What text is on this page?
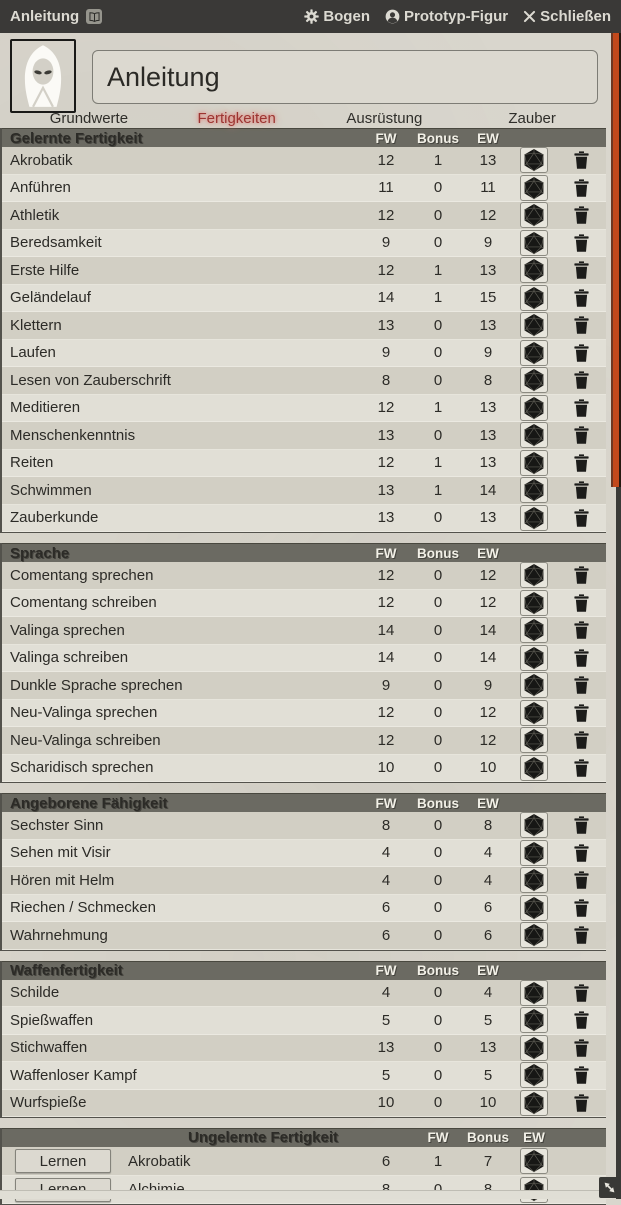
Anleitung	Bogen Prototyp-Figur Schließen
Anleitung
Grundwerte	Fertigkeiten	Ausrüstung	Zauber
Gelernte Fertigkeit	FW	Bonus	EW
Akrobatik	12	1	13
Anführen	11	0	11
Athletik	12	0	12
Beredsamkeit	9	0	9
Erste Hilfe	12	1	13
Geländelauf	14	1	15
Klettern	13	0	13
Laufen	9	0	9
Lesen von Zauberschrift	8	0	8
Meditieren	12	1	13
Menschenkenntnis	13	0	13
Reiten	12	1	13
Schwimmen	13	1	14
Zauberkunde	13	0	13
Sprache	FW	Bonus	EW
Comentang sprechen	12	0	12
Comentang schreiben	12	0	12
Valinga sprechen	14	0	14
Valinga schreiben	14	0	14
Dunkle Sprache sprechen	9	0	9
Neu-Valinga sprechen	12	0	12
Neu-Valinga schreiben	12	0	12
Scharidisch sprechen	10	0	10
Angeborene Fähigkeit	FW	Bonus	EW
Sechster Sinn	8	0	8
Sehen mit Visir	4	0	4
Hören mit Helm	4	0	4
Riechen / Schmecken	6	0	6
Wahrnehmung	6	0	6
Waffenfertigkeit	FW	Bonus	EW
Schilde	4	0	4
Spießwaffen	5	0	5
Stichwaffen	13	0	13
Waffenloser Kampf	5	0	5
Wurfspieße	10	0	10
Ungelernte Fertigkeit	FW	Bonus	EW
Lernen	Akrobatik	6	1	7
